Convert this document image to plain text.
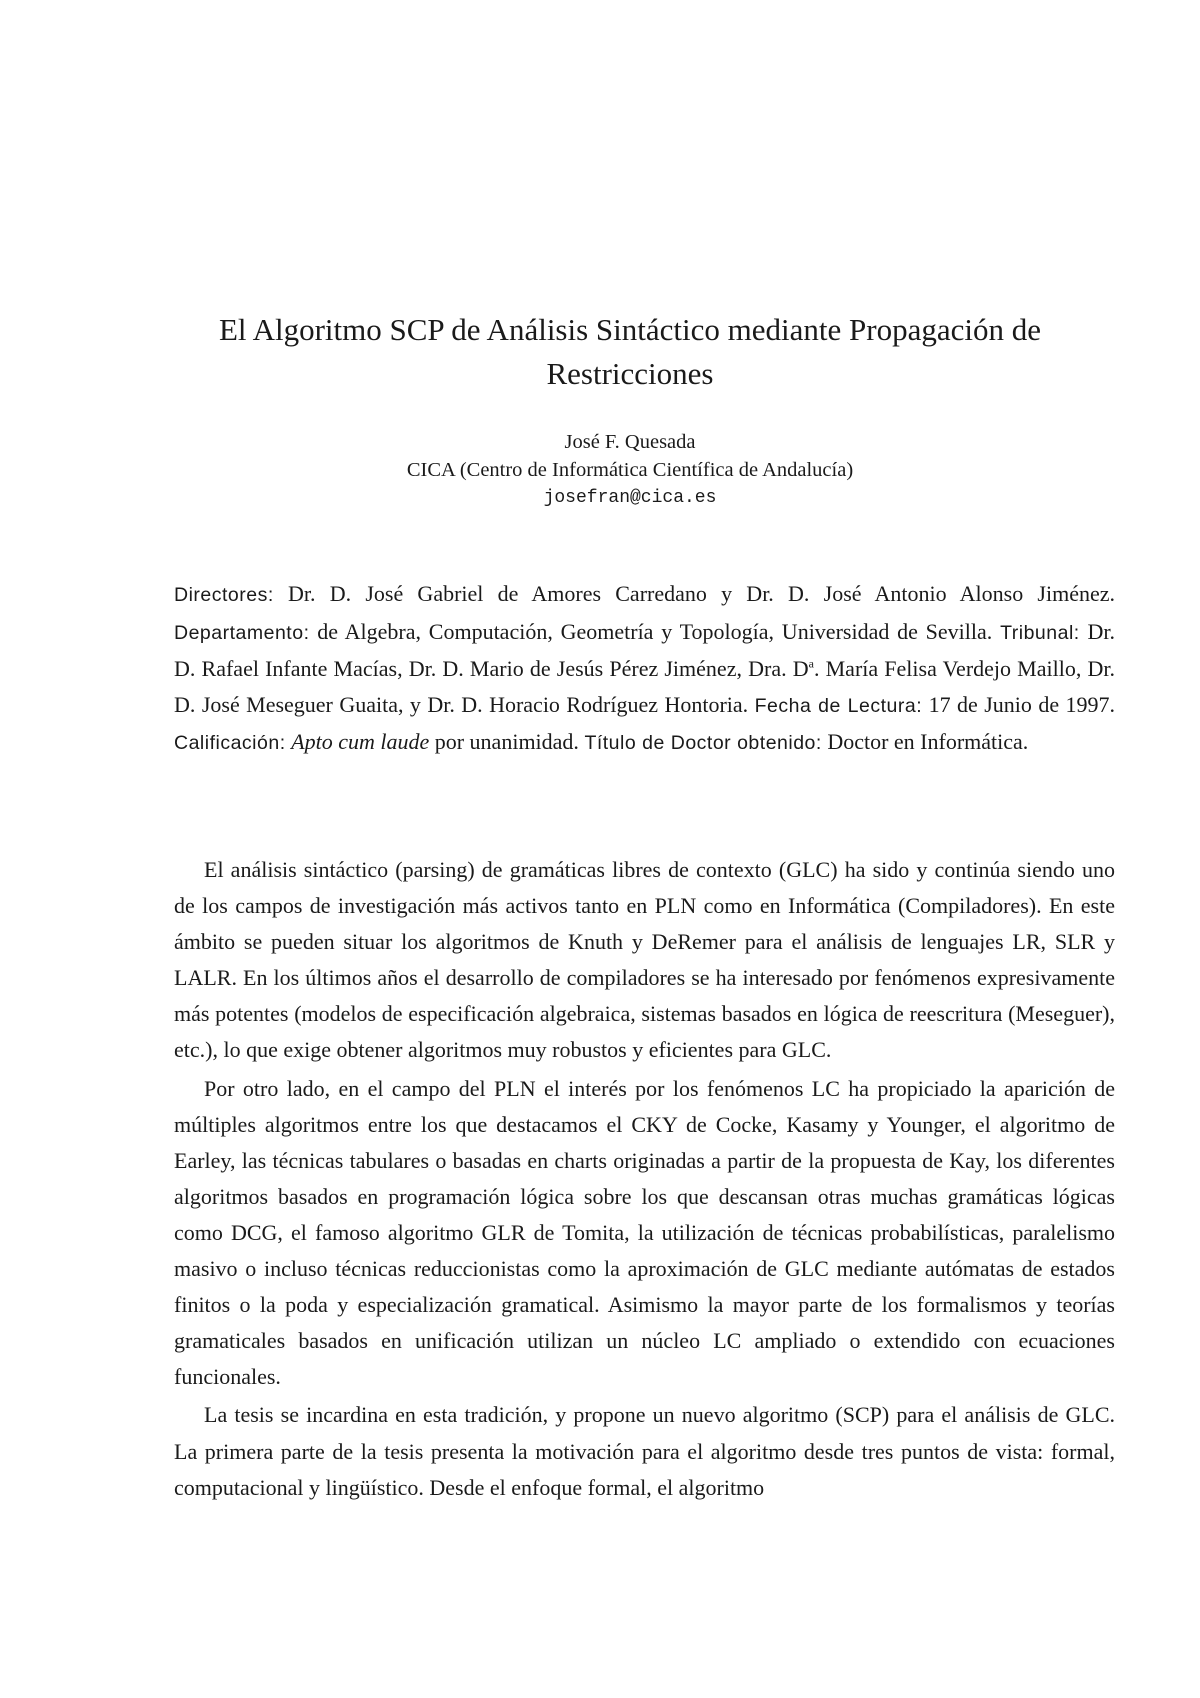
El Algoritmo SCP de Análisis Sintáctico mediante Propagación de Restricciones
José F. Quesada
CICA (Centro de Informática Científica de Andalucía)
josefran@cica.es

Directores: Dr. D. José Gabriel de Amores Carredano y Dr. D. José Antonio Alonso Jiménez. Departamento: de Algebra, Computación, Geometría y Topología, Universidad de Sevilla. Tribunal: Dr. D. Rafael Infante Macías, Dr. D. Mario de Jesús Pérez Jiménez, Dra. $D^a$. María Felisa Verdejo Maillo, Dr. D. José Meseguer Guaita, y Dr. D. Horacio Rodríguez Hontoria. Fecha de Lectura: 17 de Junio de 1997. Calificación: Apto cum laude por unanimidad. Título de Doctor obtenido: Doctor en Informática.

El análisis sintáctico (parsing) de gramáticas libres de contexto (GLC) ha sido y continúa siendo uno de los campos de investigación más activos tanto en PLN como en Informática (Compiladores). En este ámbito se pueden situar los algoritmos de Knuth y DeRemer para el análisis de lenguajes LR, SLR y LALR. En los últimos años el desarrollo de compiladores se ha interesado por fenómenos expresivamente más potentes (modelos de especificación algebraica, sistemas basados en lógica de reescritura (Meseguer), etc.), lo que exige obtener algoritmos muy robustos y eficientes para GLC.

Por otro lado, en el campo del PLN el interés por los fenómenos LC ha propiciado la aparición de múltiples algoritmos entre los que destacamos el CKY de Cocke, Kasamy y Younger, el algoritmo de Earley, las técnicas tabulares o basadas en charts originadas a partir de la propuesta de Kay, los diferentes algoritmos basados en programación lógica sobre los que descansan otras muchas gramáticas lógicas como DCG, el famoso algoritmo GLR de Tomita, la utilización de técnicas probabilísticas, paralelismo masivo o incluso técnicas reduccionistas como la aproximación de GLC mediante autómatas de estados finitos o la poda y especialización gramatical. Asimismo la mayor parte de los formalismos y teorías gramaticales basados en unificación utilizan un núcleo LC ampliado o extendido con ecuaciones funcionales.

La tesis se incardina en esta tradición, y propone un nuevo algoritmo (SCP) para el análisis de GLC. La primera parte de la tesis presenta la motivación para el algoritmo desde tres puntos de vista: formal, computacional y lingüístico. Desde el enfoque formal, el algoritmo
